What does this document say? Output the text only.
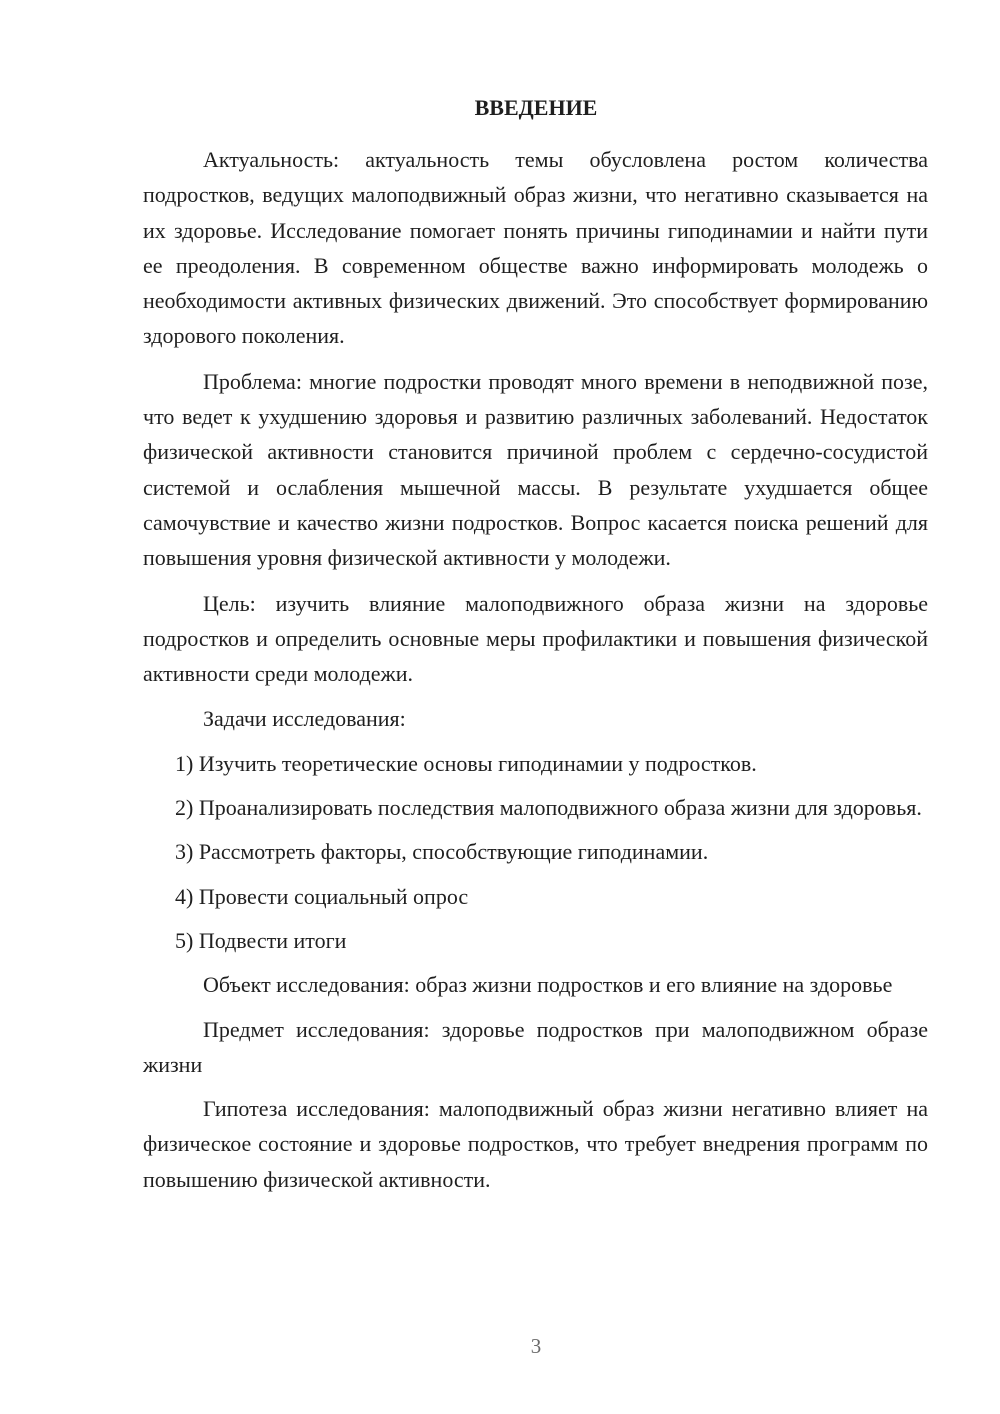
ВВЕДЕНИЕ

Актуальность: актуальность темы обусловлена ростом количества подростков, ведущих малоподвижный образ жизни, что негативно сказывается на их здоровье. Исследование помогает понять причины гиподинамии и найти пути ее преодоления. В современном обществе важно информировать молодежь о необходимости активных физических движений. Это способствует формированию здорового поколения.

Проблема: многие подростки проводят много времени в неподвижной позе, что ведет к ухудшению здоровья и развитию различных заболеваний. Недостаток физической активности становится причиной проблем с сердечно-сосудистой системой и ослабления мышечной массы. В результате ухудшается общее самочувствие и качество жизни подростков. Вопрос касается поиска решений для повышения уровня физической активности у молодежи.

Цель: изучить влияние малоподвижного образа жизни на здоровье подростков и определить основные меры профилактики и повышения физической активности среди молодежи.

Задачи исследования:

1) Изучить теоретические основы гиподинамии у подростков.

2) Проанализировать последствия малоподвижного образа жизни для здоровья.

3) Рассмотреть факторы, способствующие гиподинамии.

4) Провести социальный опрос

5) Подвести итоги

Объект исследования: образ жизни подростков и его влияние на здоровье

Предмет исследования: здоровье подростков при малоподвижном образе жизни

Гипотеза исследования: малоподвижный образ жизни негативно влияет на физическое состояние и здоровье подростков, что требует внедрения программ по повышению физической активности.

3
